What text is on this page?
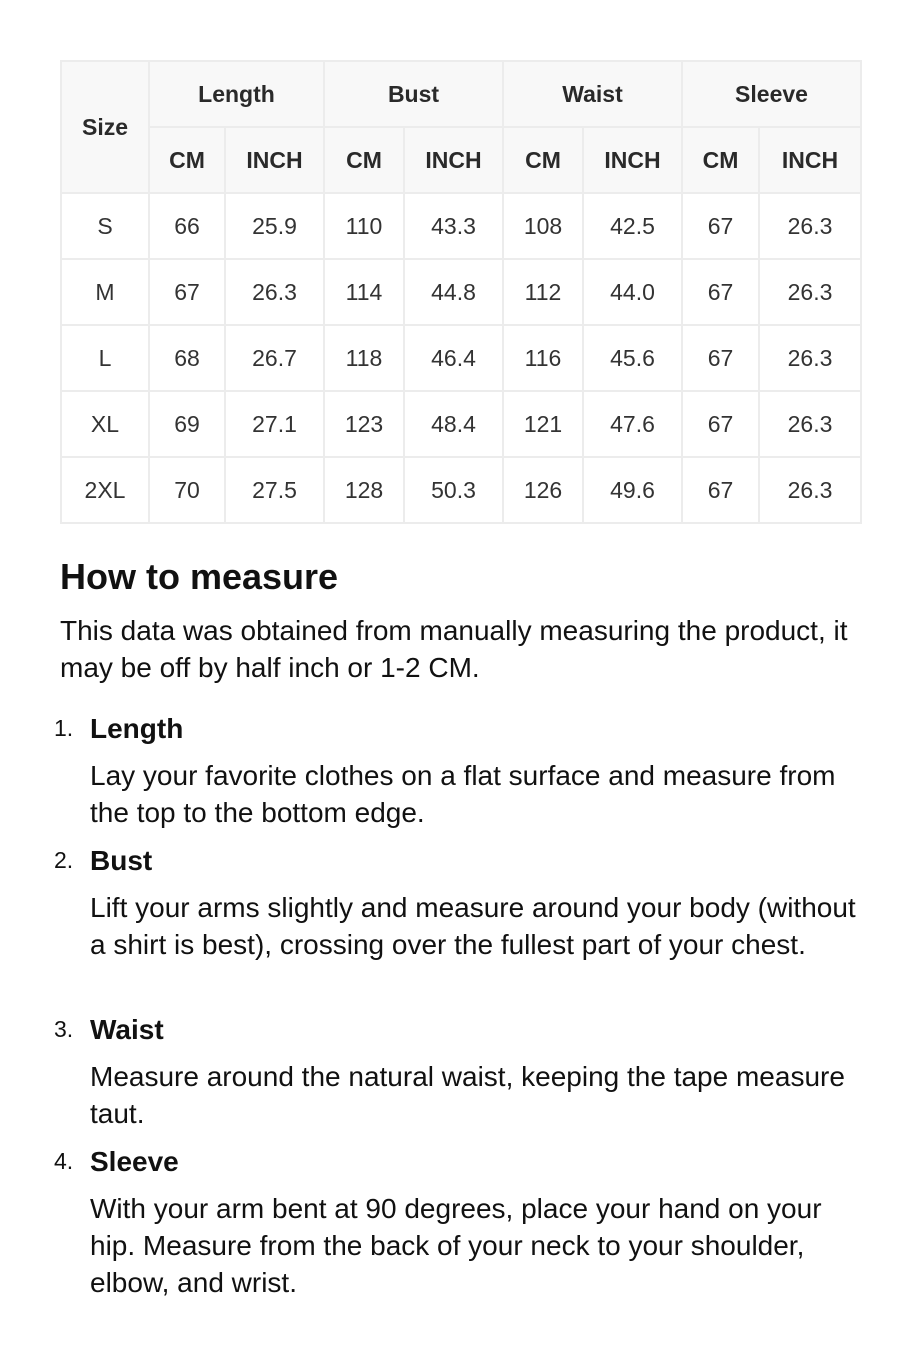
Size	Length		Bust		Waist		Sleeve	
	CM	INCH	CM	INCH	CM	INCH	CM	INCH
S	66	25.9	110	43.3	108	42.5	67	26.3
M	67	26.3	114	44.8	112	44.0	67	26.3
L	68	26.7	118	46.4	116	45.6	67	26.3
XL	69	27.1	123	48.4	121	47.6	67	26.3
2XL	70	27.5	128	50.3	126	49.6	67	26.3
How to measure

This data was obtained from manually measuring the product, it may be off by half inch or 1-2 CM.

1. Length

Lay your favorite clothes on a flat surface and measure from the top to the bottom edge.

2. Bust

Lift your arms slightly and measure around your body (without a shirt is best), crossing over the fullest part of your chest.

3. Waist

Measure around the natural waist, keeping the tape measure taut.

4. Sleeve

With your arm bent at 90 degrees, place your hand on your hip. Measure from the back of your neck to your shoulder, elbow, and wrist.
